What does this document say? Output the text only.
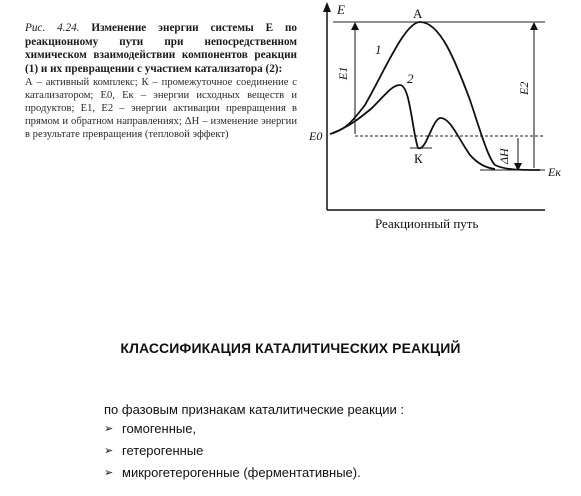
Рис. 4.24. Изменение энергии системы E по реакционному пути при непосредственном химическом взаимодействии компонентов реакции (1) и их превращении с участием катализатора (2):
А – активный комплекс; К – промежуточное соединение с катализатором; E0, Eк – энергии исходных веществ и продуктов; E1, E2 – энергии активации превращения в прямом и обратном направлениях; ΔH – изменение энергии в результате превращения (тепловой эффект)
E	A
1
2
К
E0
Eк
E1
E2
ΔH
Реакционный путь
КЛАССИФИКАЦИЯ КАТАЛИТИЧЕСКИХ РЕАКЦИЙ
по фазовым признакам каталитические реакции :
➢ гомогенные,
➢ гетерогенные
➢ микрогетерогенные (ферментативные).
